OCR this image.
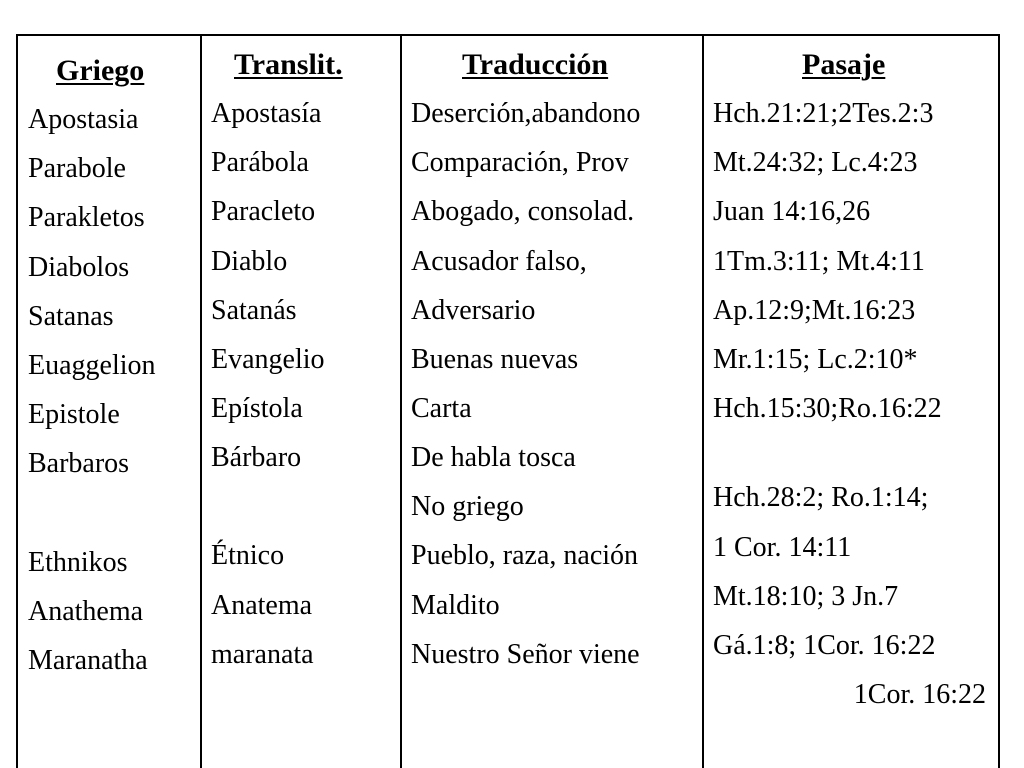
Griego
Apostasia
Parabole
Parakletos
Diabolos
Satanas
Euaggelion
Epistole
Barbaros
Ethnikos
Anathema
Maranatha
Translit.
Apostasía
Parábola
Paracleto
Diablo
Satanás
Evangelio
Epístola
Bárbaro
Étnico
Anatema
maranata
Traducción
Deserción,abandono
Comparación, Prov
Abogado, consolad.
Acusador falso,
Adversario
Buenas nuevas
Carta
De habla tosca
No griego
Pueblo, raza, nación
Maldito
Nuestro Señor viene
Pasaje
Hch.21:21;2Tes.2:3
Mt.24:32; Lc.4:23
Juan 14:16,26
1Tm.3:11; Mt.4:11
Ap.12:9;Mt.16:23
Mr.1:15; Lc.2:10*
Hch.15:30;Ro.16:22
Hch.28:2; Ro.1:14;
1 Cor. 14:11
Mt.18:10; 3 Jn.7
Gá.1:8; 1Cor. 16:22
1Cor. 16:22
